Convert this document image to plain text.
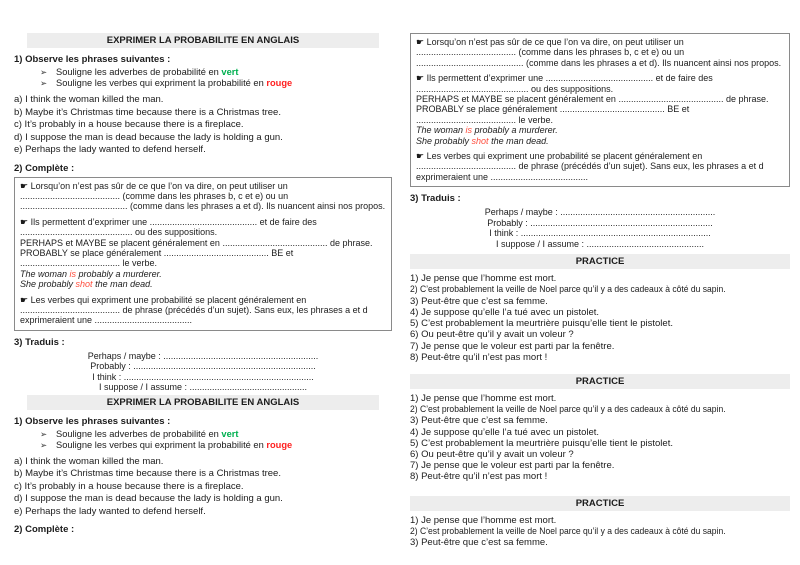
EXPRIMER LA PROBABILITE EN ANGLAIS
1) Observe les phrases suivantes :
➢ Souligne les adverbes de probabilité en vert
➢ Souligne les verbes qui expriment la probabilité en rouge
a) I think the woman killed the man.
b) Maybe it’s Christmas time because there is a Christmas tree.
c) It’s probably in a house because there is a fireplace.
d) I suppose the man is dead because the lady is holding a gun.
e) Perhaps the lady wanted to defend herself.
2) Complète :

☛ Lorsqu’on n’est pas sûr de ce que l’on va dire, on peut utiliser un ........................................ (comme dans les phrases b, c et e) ou un ........................................... (comme dans les phrases a et d). Ils nuancent ainsi nos propos.

☛ Ils permettent d’exprimer une ........................................... et de faire des ............................................. ou des suppositions.

PERHAPS et MAYBE se placent généralement en .......................................... de phrase.

PROBABLY se place généralement .......................................... BE et ........................................ le verbe.

The woman is probably a murderer.

She probably shot the man dead.

☛ Les verbes qui expriment une probabilité se placent généralement en ........................................ de phrase (précédés d’un sujet). Sans eux, les phrases a et d exprimeraient une .......................................

3) Traduis :
Perhaps / maybe : ..............................................................
Probably : .........................................................................
I think : ............................................................................
I suppose / I assume : ...............................................
EXPRIMER LA PROBABILITE EN ANGLAIS
1) Observe les phrases suivantes :
➢ Souligne les adverbes de probabilité en vert
➢ Souligne les verbes qui expriment la probabilité en rouge
a) I think the woman killed the man.
b) Maybe it’s Christmas time because there is a Christmas tree.
c) It’s probably in a house because there is a fireplace.
d) I suppose the man is dead because the lady is holding a gun.
e) Perhaps the lady wanted to defend herself.
2) Complète :

☛ Lorsqu’on n’est pas sûr de ce que l’on va dire, on peut utiliser un ........................................ (comme dans les phrases b, c et e) ou un ........................................... (comme dans les phrases a et d). Ils nuancent ainsi nos propos.

☛ Ils permettent d’exprimer une ........................................... et de faire des ............................................. ou des suppositions.

PERHAPS et MAYBE se placent généralement en .......................................... de phrase.

PROBABLY se place généralement .......................................... BE et ........................................ le verbe.

The woman is probably a murderer.

She probably shot the man dead.

☛ Les verbes qui expriment une probabilité se placent généralement en ........................................ de phrase (précédés d’un sujet). Sans eux, les phrases a et d exprimeraient une .......................................

3) Traduis :
Perhaps / maybe : ..............................................................
Probably : .........................................................................
I think : ............................................................................
I suppose / I assume : ...............................................
PRACTICE
1) Je pense que l’homme est mort.
2) C’est probablement la veille de Noel parce qu’il y a des cadeaux à côté du sapin.
3) Peut-être que c’est sa femme.
4) Je suppose qu’elle l’a tué avec un pistolet.
5) C’est probablement la meurtrière puisqu’elle tient le pistolet.
6) Ou peut-être qu’il y avait un voleur ?
7) Je pense que le voleur est parti par la fenêtre.
8) Peut-être qu’il n’est pas mort !
PRACTICE
1) Je pense que l’homme est mort.
2) C’est probablement la veille de Noel parce qu’il y a des cadeaux à côté du sapin.
3) Peut-être que c’est sa femme.
4) Je suppose qu’elle l’a tué avec un pistolet.
5) C’est probablement la meurtrière puisqu’elle tient le pistolet.
6) Ou peut-être qu’il y avait un voleur ?
7) Je pense que le voleur est parti par la fenêtre.
8) Peut-être qu’il n’est pas mort !
PRACTICE
1) Je pense que l’homme est mort.
2) C’est probablement la veille de Noel parce qu’il y a des cadeaux à côté du sapin.
3) Peut-être que c’est sa femme.
